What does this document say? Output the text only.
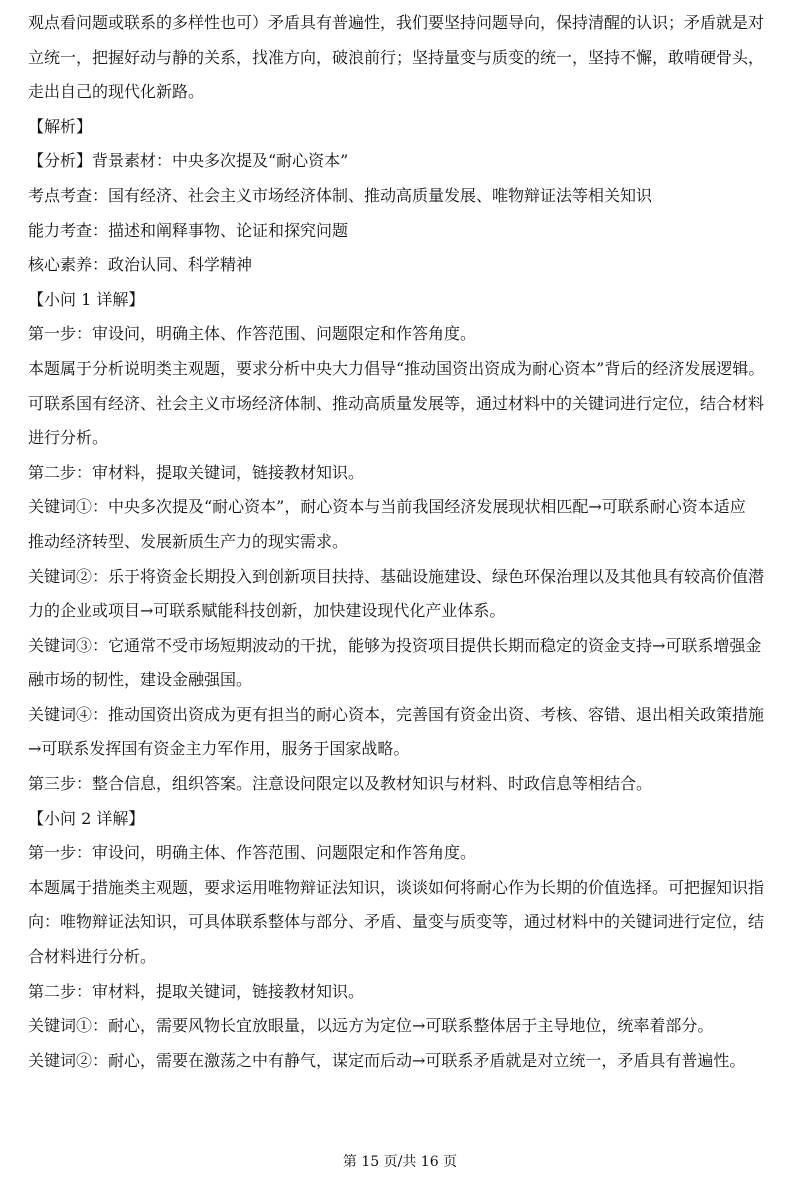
观点看问题或联系的多样性也可）矛盾具有普遍性，我们要坚持问题导向，保持清醒的认识；矛盾就是对
立统一，把握好动与静的关系，找准方向，破浪前行；坚持量变与质变的统一，坚持不懈，敢啃硬骨头，
走出自己的现代化新路。
【解析】
【分析】背景素材：中央多次提及“耐心资本”
考点考查：国有经济、社会主义市场经济体制、推动高质量发展、唯物辩证法等相关知识
能力考查：描述和阐释事物、论证和探究问题
核心素养：政治认同、科学精神
【小问 1 详解】
第一步：审设问，明确主体、作答范围、问题限定和作答角度。
本题属于分析说明类主观题，要求分析中央大力倡导“推动国资出资成为耐心资本”背后的经济发展逻辑。
可联系国有经济、社会主义市场经济体制、推动高质量发展等，通过材料中的关键词进行定位，结合材料
进行分析。
第二步：审材料，提取关键词，链接教材知识。
关键词①：中央多次提及“耐心资本”，耐心资本与当前我国经济发展现状相匹配→可联系耐心资本适应
推动经济转型、发展新质生产力的现实需求。
关键词②：乐于将资金长期投入到创新项目扶持、基础设施建设、绿色环保治理以及其他具有较高价值潜
力的企业或项目→可联系赋能科技创新，加快建设现代化产业体系。
关键词③：它通常不受市场短期波动的干扰，能够为投资项目提供长期而稳定的资金支持→可联系增强金
融市场的韧性，建设金融强国。
关键词④：推动国资出资成为更有担当的耐心资本，完善国有资金出资、考核、容错、退出相关政策措施
→可联系发挥国有资金主力军作用，服务于国家战略。
第三步：整合信息，组织答案。注意设问限定以及教材知识与材料、时政信息等相结合。
【小问 2 详解】
第一步：审设问，明确主体、作答范围、问题限定和作答角度。
本题属于措施类主观题，要求运用唯物辩证法知识，谈谈如何将耐心作为长期的价值选择。可把握知识指
向：唯物辩证法知识，可具体联系整体与部分、矛盾、量变与质变等，通过材料中的关键词进行定位，结
合材料进行分析。
第二步：审材料，提取关键词，链接教材知识。
关键词①：耐心，需要风物长宜放眼量，以远方为定位→可联系整体居于主导地位，统率着部分。
关键词②：耐心，需要在激荡之中有静气，谋定而后动→可联系矛盾就是对立统一，矛盾具有普遍性。
第 15 页/共 16 页
